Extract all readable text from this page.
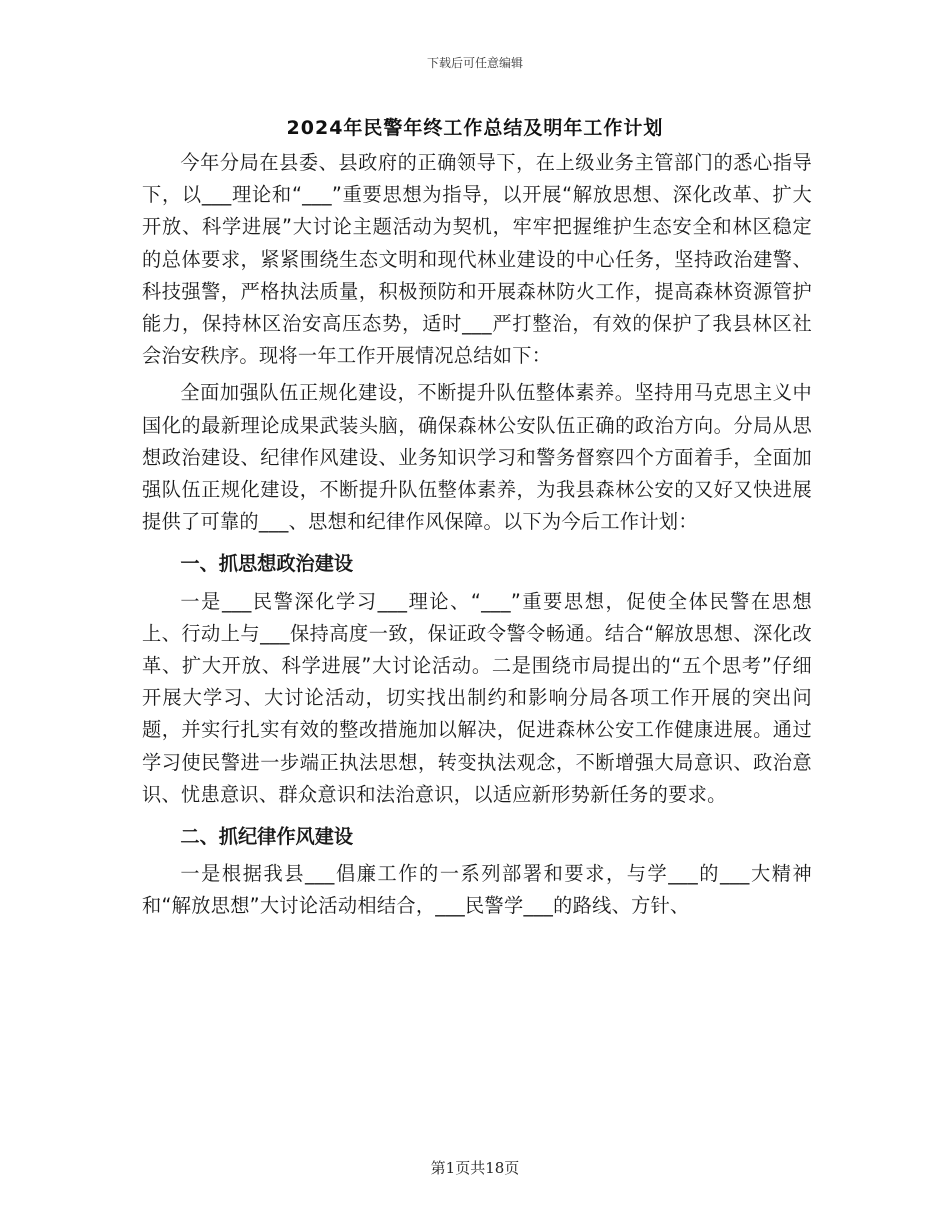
下载后可任意编辑
2024年民警年终工作总结及明年工作计划

今年分局在县委、县政府的正确领导下，在上级业务主管部门的悉心指导下，以___理论和“___”重要思想为指导，以开展“解放思想、深化改革、扩大开放、科学进展”大讨论主题活动为契机，牢牢把握维护生态安全和林区稳定的总体要求，紧紧围绕生态文明和现代林业建设的中心任务，坚持政治建警、科技强警，严格执法质量，积极预防和开展森林防火工作，提高森林资源管护能力，保持林区治安高压态势，适时___严打整治，有效的保护了我县林区社会治安秩序。现将一年工作开展情况总结如下：

全面加强队伍正规化建设，不断提升队伍整体素养。坚持用马克思主义中国化的最新理论成果武装头脑，确保森林公安队伍正确的政治方向。分局从思想政治建设、纪律作风建设、业务知识学习和警务督察四个方面着手，全面加强队伍正规化建设，不断提升队伍整体素养，为我县森林公安的又好又快进展提供了可靠的___、思想和纪律作风保障。以下为今后工作计划：

一、抓思想政治建设

一是___民警深化学习___理论、“___”重要思想，促使全体民警在思想上、行动上与___保持高度一致，保证政令警令畅通。结合“解放思想、深化改革、扩大开放、科学进展”大讨论活动。二是围绕市局提出的“五个思考”仔细开展大学习、大讨论活动，切实找出制约和影响分局各项工作开展的突出问题，并实行扎实有效的整改措施加以解决，促进森林公安工作健康进展。通过学习使民警进一步端正执法思想，转变执法观念，不断增强大局意识、政治意识、忧患意识、群众意识和法治意识，以适应新形势新任务的要求。

二、抓纪律作风建设

一是根据我县___倡廉工作的一系列部署和要求，与学___的___大精神和“解放思想”大讨论活动相结合，___民警学___的路线、方针、

第1页共18页
